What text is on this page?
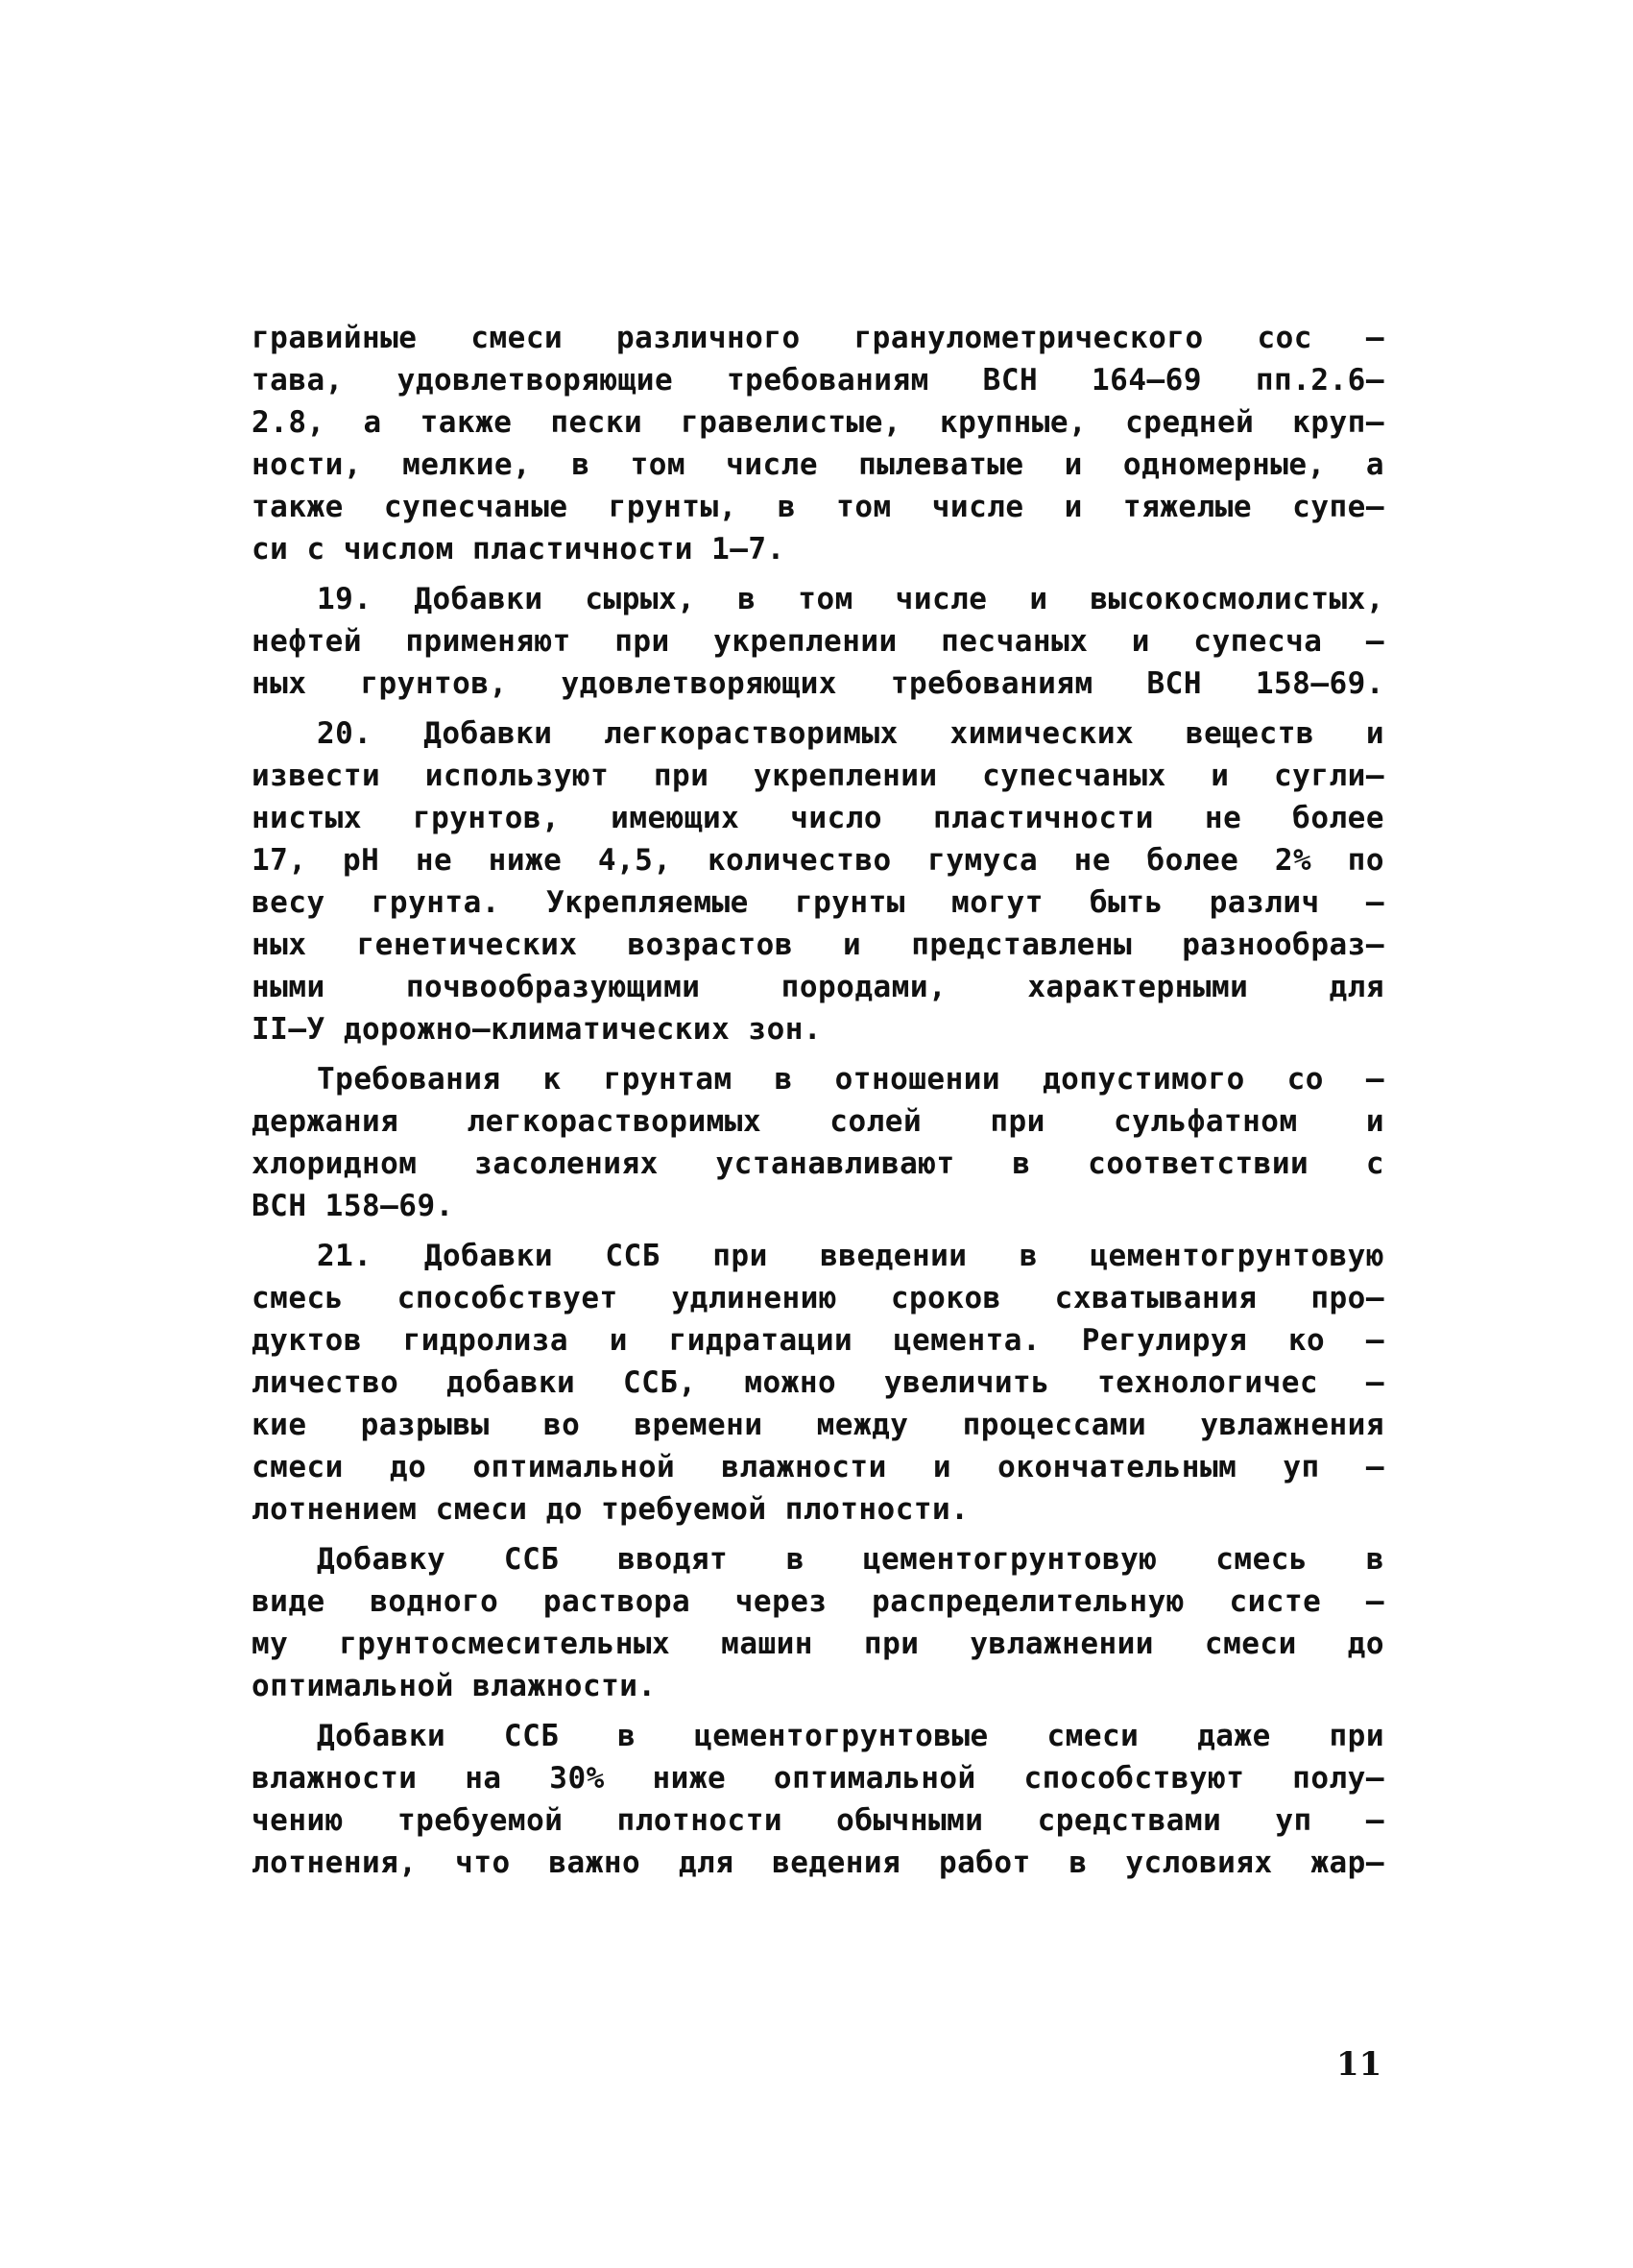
гравийные смеси различного гранулометрического сос –
тава, удовлетворяющие требованиям ВСН 164–69 пп.2.6–
2.8, а также пески гравелистые, крупные, средней круп–
ности, мелкие, в том числе пылеватые и одномерные, а
также супесчаные грунты, в том числе и тяжелые супе–
си с числом пластичности 1–7.
19. Добавки сырых, в том числе и высокосмолистых,
нефтей применяют при укреплении песчаных и супесча –
ных грунтов, удовлетворяющих требованиям ВСН 158–69.
20. Добавки легкорастворимых химических веществ и
извести используют при укреплении супесчаных и сугли–
нистых грунтов, имеющих число пластичности не более
17, pH не ниже 4,5, количество гумуса не более 2% по
весу грунта. Укрепляемые грунты могут быть различ –
ных генетических возрастов и представлены разнообраз–
ными почвообразующими породами, характерными для
II–У дорожно–климатических зон.
Требования к грунтам в отношении допустимого со –
держания легкорастворимых солей при сульфатном и
хлоридном засолениях устанавливают в соответствии с
ВСН 158–69.
21. Добавки ССБ при введении в цементогрунтовую
смесь способствует удлинению сроков схватывания про–
дуктов гидролиза и гидратации цемента. Регулируя ко –
личество добавки ССБ, можно увеличить технологичес –
кие разрывы во времени между процессами увлажнения
смеси до оптимальной влажности и окончательным уп –
лотнением смеси до требуемой плотности.
Добавку ССБ вводят в цементогрунтовую смесь в
виде водного раствора через распределительную систе –
му грунтосмесительных машин при увлажнении смеси до
оптимальной влажности.
Добавки ССБ в цементогрунтовые смеси даже при
влажности на 30% ниже оптимальной способствуют полу–
чению требуемой плотности обычными средствами уп –
лотнения, что важно для ведения работ в условиях жар–
11
